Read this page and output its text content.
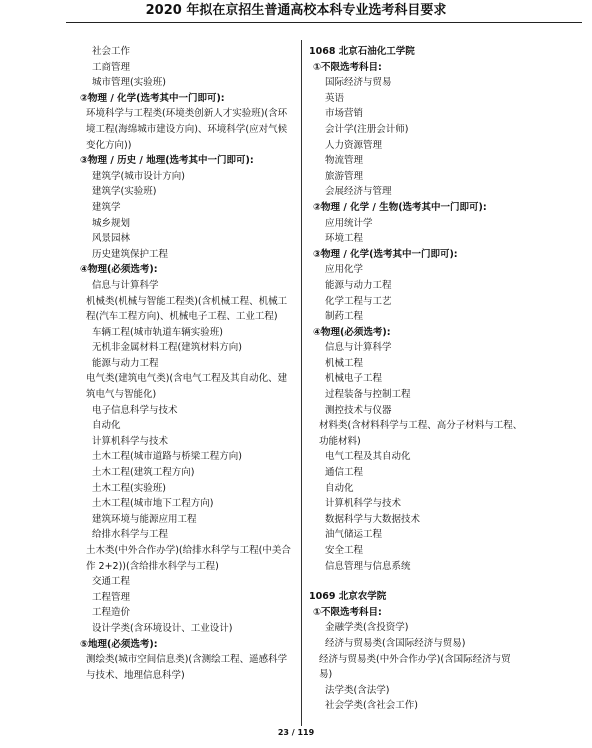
2020 年拟在京招生普通高校本科专业选考科目要求
社会工作
工商管理
城市管理(实验班)
②物理 / 化学(选考其中一门即可):
环境科学与工程类(环境类创新人才实验班)(含环境工程(海绵城市建设方向)、环境科学(应对气候变化方向))
③物理 / 历史 / 地理(选考其中一门即可):
建筑学(城市设计方向)
建筑学(实验班)
建筑学
城乡规划
风景园林
历史建筑保护工程
④物理(必须选考):
信息与计算科学
机械类(机械与智能工程类)(含机械工程、机械工程(汽车工程方向)、机械电子工程、工业工程)
车辆工程(城市轨道车辆实验班)
无机非金属材料工程(建筑材料方向)
能源与动力工程
电气类(建筑电气类)(含电气工程及其自动化、建筑电气与智能化)
电子信息科学与技术
自动化
计算机科学与技术
土木工程(城市道路与桥梁工程方向)
土木工程(建筑工程方向)
土木工程(实验班)
土木工程(城市地下工程方向)
建筑环境与能源应用工程
给排水科学与工程
土木类(中外合作办学)(给排水科学与工程(中美合作 2+2))(含给排水科学与工程)
交通工程
工程管理
工程造价
设计学类(含环境设计、工业设计)
⑤地理(必须选考):
测绘类(城市空间信息类)(含测绘工程、遥感科学与技术、地理信息科学)
1068 北京石油化工学院
①不限选考科目:
国际经济与贸易
英语
市场营销
会计学(注册会计师)
人力资源管理
物流管理
旅游管理
会展经济与管理
②物理 / 化学 / 生物(选考其中一门即可):
应用统计学
环境工程
③物理 / 化学(选考其中一门即可):
应用化学
能源与动力工程
化学工程与工艺
制药工程
④物理(必须选考):
信息与计算科学
机械工程
机械电子工程
过程装备与控制工程
测控技术与仪器
材料类(含材料科学与工程、高分子材料与工程、功能材料)
电气工程及其自动化
通信工程
自动化
计算机科学与技术
数据科学与大数据技术
油气储运工程
安全工程
信息管理与信息系统
1069 北京农学院
①不限选考科目:
金融学类(含投资学)
经济与贸易类(含国际经济与贸易)
经济与贸易类(中外合作办学)(含国际经济与贸易)
法学类(含法学)
社会学类(含社会工作)
23 / 119
